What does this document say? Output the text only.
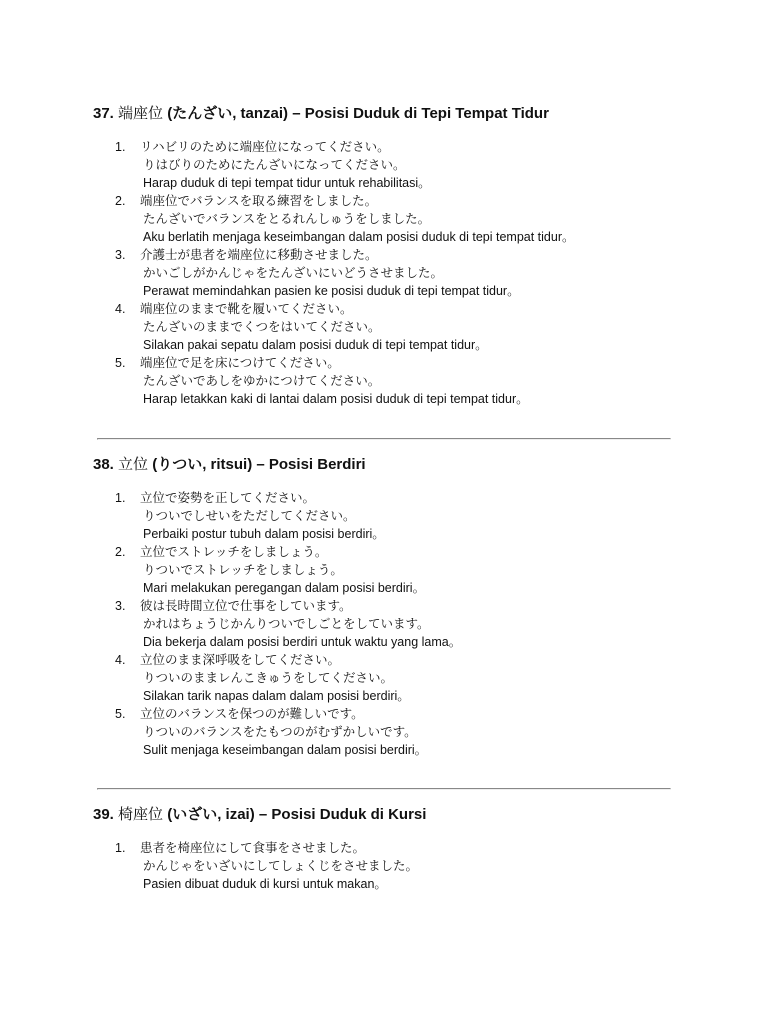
37. 端座位 (たんざい, tanzai) – Posisi Duduk di Tepi Tempat Tidur
1.	リハビリのために端座位になってください。
りはびりのためにたんざいになってください。
Harap duduk di tepi tempat tidur untuk rehabilitasi。
2.	端座位でバランスを取る練習をしました。
たんざいでバランスをとるれんしゅうをしました。
Aku berlatih menjaga keseimbangan dalam posisi duduk di tepi tempat tidur。
3.	介護士が患者を端座位に移動させました。
かいごしがかんじゃをたんざいにいどうさせました。
Perawat memindahkan pasien ke posisi duduk di tepi tempat tidur。
4.	端座位のままで靴を履いてください。
たんざいのままでくつをはいてください。
Silakan pakai sepatu dalam posisi duduk di tepi tempat tidur。
5.	端座位で足を床につけてください。
たんざいであしをゆかにつけてください。
Harap letakkan kaki di lantai dalam posisi duduk di tepi tempat tidur。
38. 立位 (りつい, ritsui) – Posisi Berdiri
1.	立位で姿勢を正してください。
りついでしせいをただしてください。
Perbaiki postur tubuh dalam posisi berdiri。
2.	立位でストレッチをしましょう。
りついでストレッチをしましょう。
Mari melakukan peregangan dalam posisi berdiri。
3.	彼は長時間立位で仕事をしています。
かれはちょうじかんりついでしごとをしています。
Dia bekerja dalam posisi berdiri untuk waktu yang lama。
4.	立位のまま深呼吸をしてください。
りついのままレんこきゅうをしてください。
Silakan tarik napas dalam dalam posisi berdiri。
5.	立位のバランスを保つのが難しいです。
りついのバランスをたもつのがむずかしいです。
Sulit menjaga keseimbangan dalam posisi berdiri。
39. 椅座位 (いざい, izai) – Posisi Duduk di Kursi
1.	患者を椅座位にして食事をさせました。
かんじゃをいざいにしてしょくじをさせました。
Pasien dibuat duduk di kursi untuk makan。
